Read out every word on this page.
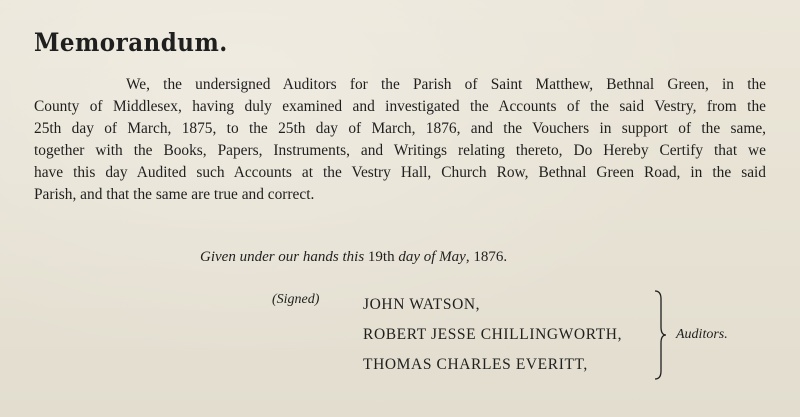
Memorandum.
We, the undersigned Auditors for the Parish of Saint Matthew, Bethnal Green, in the
County of Middlesex, having duly examined and investigated the Accounts of the said Vestry, from the
25th day of March, 1875, to the 25th day of March, 1876, and the Vouchers in support of the same,
together with the Books, Papers, Instruments, and Writings relating thereto, Do Hereby Certify that we
have this day Audited such Accounts at the Vestry Hall, Church Row, Bethnal Green Road, in the said
Parish, and that the same are true and correct.
Given under our hands this 19th day of May, 1876.
(Signed)	JOHN WATSON,
ROBERT JESSE CHILLINGWORTH,
THOMAS CHARLES EVERITT,
Auditors.
